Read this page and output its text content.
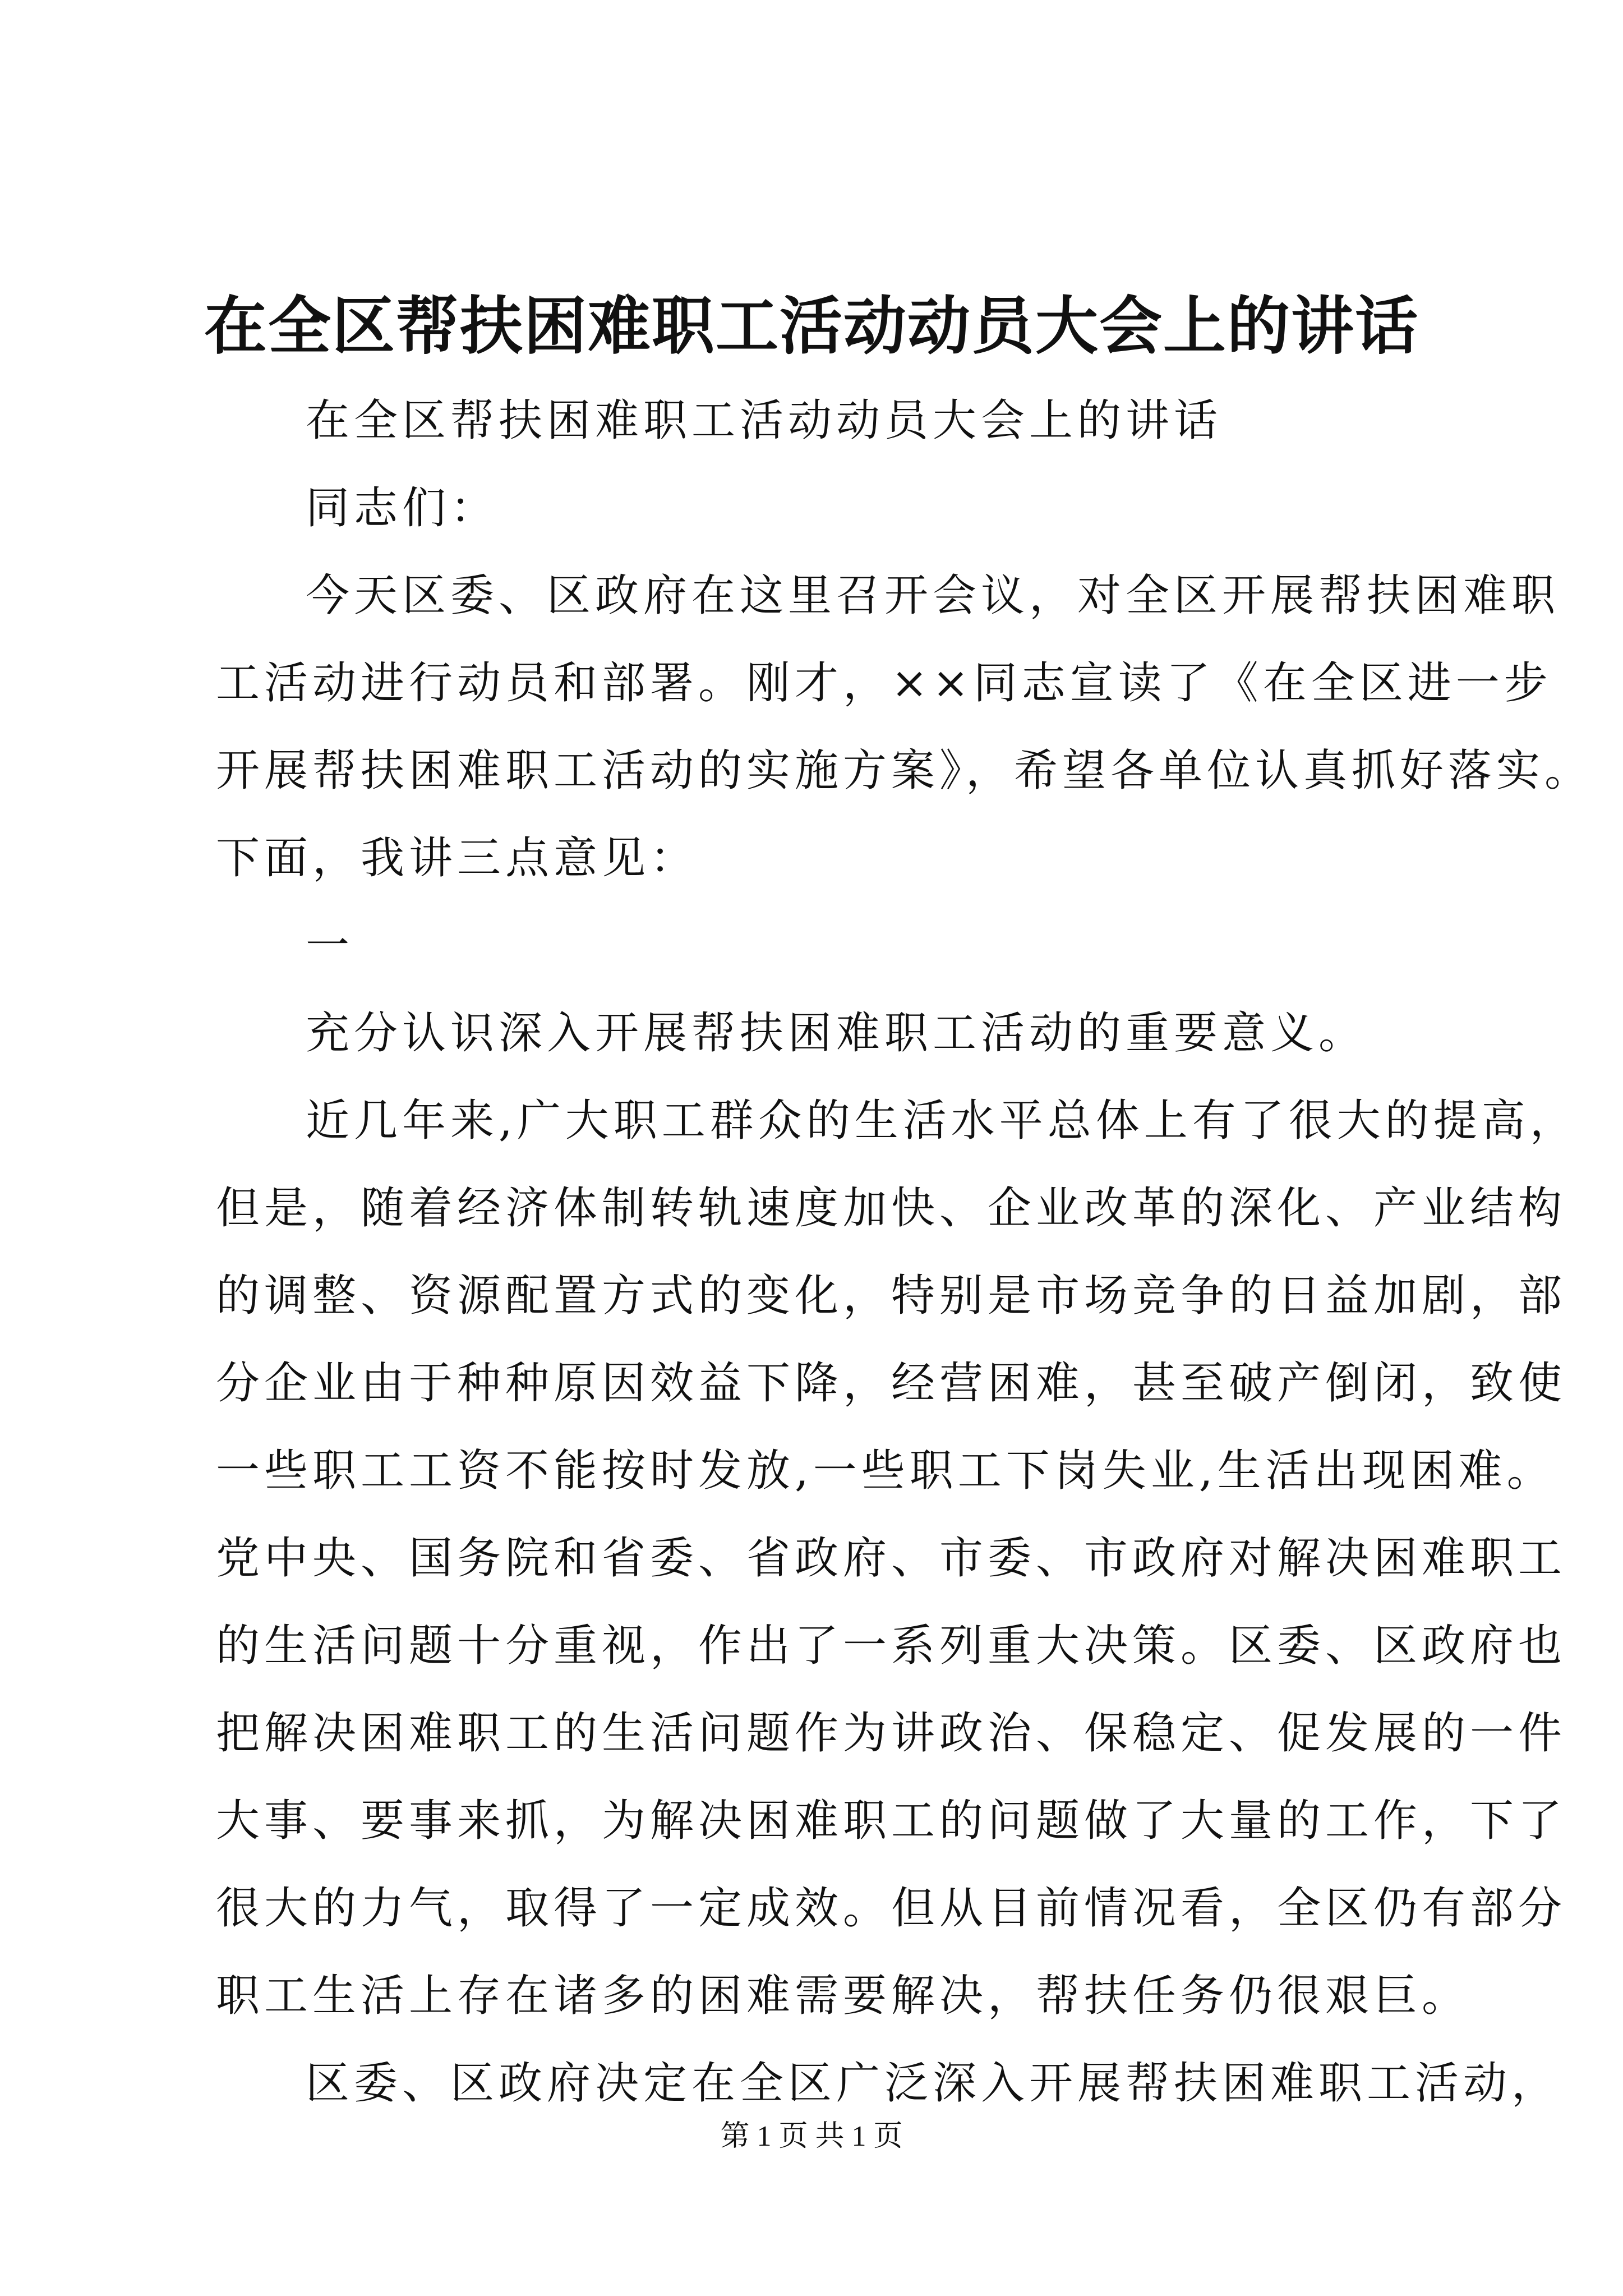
在全区帮扶困难职工活动动员大会上的讲话
在全区帮扶困难职工活动动员大会上的讲话
同志们：
今天区委、区政府在这里召开会议，对全区开展帮扶困难职
工活动进行动员和部署。刚才，××同志宣读了《在全区进一步
开展帮扶困难职工活动的实施方案》，希望各单位认真抓好落实。
下面，我讲三点意见：
一
充分认识深入开展帮扶困难职工活动的重要意义。
近几年来,广大职工群众的生活水平总体上有了很大的提高，
但是，随着经济体制转轨速度加快、企业改革的深化、产业结构
的调整、资源配置方式的变化，特别是市场竞争的日益加剧，部
分企业由于种种原因效益下降，经营困难，甚至破产倒闭，致使
一些职工工资不能按时发放,一些职工下岗失业,生活出现困难。
党中央、国务院和省委、省政府、市委、市政府对解决困难职工
的生活问题十分重视，作出了一系列重大决策。区委、区政府也
把解决困难职工的生活问题作为讲政治、保稳定、促发展的一件
大事、要事来抓，为解决困难职工的问题做了大量的工作，下了
很大的力气，取得了一定成效。但从目前情况看，全区仍有部分
职工生活上存在诸多的困难需要解决，帮扶任务仍很艰巨。
区委、区政府决定在全区广泛深入开展帮扶困难职工活动，
第 1 页 共 1 页
